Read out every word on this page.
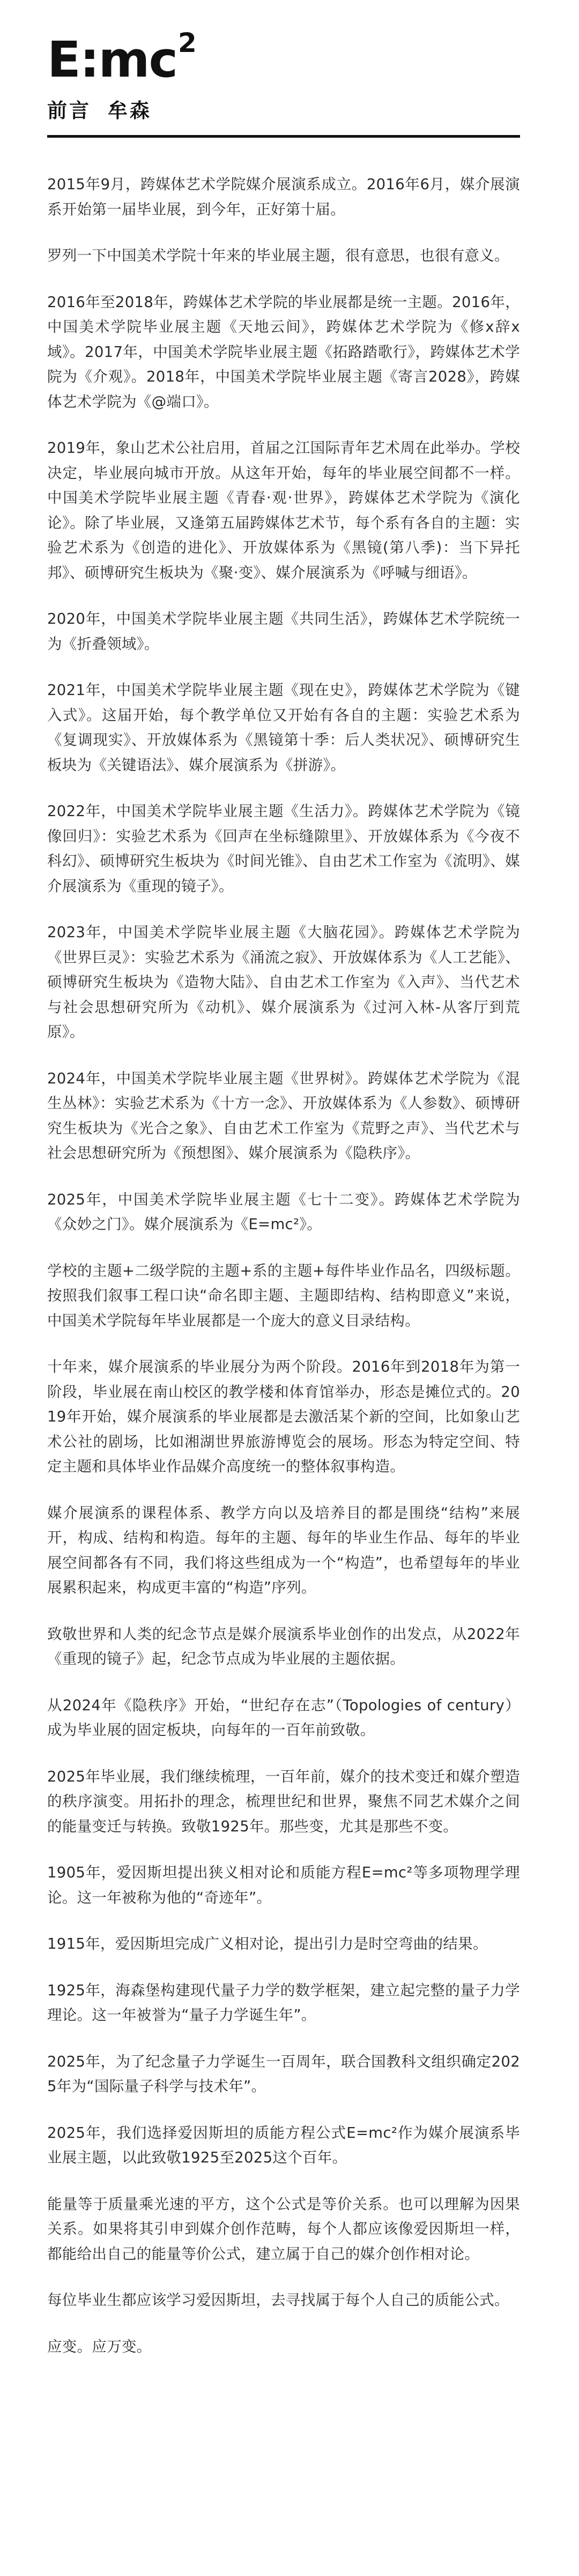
E:mc2
前言 牟森

2015年9月，跨媒体艺术学院媒介展演系成立。2016年6月，媒介展演系开始第一届毕业展，到今年，正好第十届。

罗列一下中国美术学院十年来的毕业展主题，很有意思，也很有意义。

2016年至2018年，跨媒体艺术学院的毕业展都是统一主题。2016年，中国美术学院毕业展主题《天地云间》，跨媒体艺术学院为《修x辞x域》。2017年，中国美术学院毕业展主题《拓路踏歌行》，跨媒体艺术学院为《介观》。2018年，中国美术学院毕业展主题《寄言2028》，跨媒体艺术学院为《@端口》。

2019年，象山艺术公社启用，首届之江国际青年艺术周在此举办。学校决定，毕业展向城市开放。从这年开始，每年的毕业展空间都不一样。中国美术学院毕业展主题《青春·观·世界》，跨媒体艺术学院为《演化论》。除了毕业展，又逢第五届跨媒体艺术节，每个系有各自的主题：实验艺术系为《创造的进化》、开放媒体系为《黑镜(第八季)：当下异托邦》、硕博研究生板块为《聚·变》、媒介展演系为《呼喊与细语》。

2020年，中国美术学院毕业展主题《共同生活》，跨媒体艺术学院统一为《折叠领域》。

2021年，中国美术学院毕业展主题《现在史》，跨媒体艺术学院为《键入式》。这届开始，每个教学单位又开始有各自的主题：实验艺术系为《复调现实》、开放媒体系为《黑镜第十季：后人类状况》、硕博研究生板块为《关键语法》、媒介展演系为《拼游》。

2022年，中国美术学院毕业展主题《生活力》。跨媒体艺术学院为《镜像回归》：实验艺术系为《回声在坐标缝隙里》、开放媒体系为《今夜不科幻》、硕博研究生板块为《时间光锥》、自由艺术工作室为《流明》、媒介展演系为《重现的镜子》。

2023年，中国美术学院毕业展主题《大脑花园》。跨媒体艺术学院为《世界巨灵》：实验艺术系为《涌流之寂》、开放媒体系为《人工艺能》、硕博研究生板块为《造物大陆》、自由艺术工作室为《入声》、当代艺术与社会思想研究所为《动机》、媒介展演系为《过河入林-从客厅到荒原》。

2024年，中国美术学院毕业展主题《世界树》。跨媒体艺术学院为《混生丛林》：实验艺术系为《十方一念》、开放媒体系为《人参数》、硕博研究生板块为《光合之象》、自由艺术工作室为《荒野之声》、当代艺术与社会思想研究所为《预想图》、媒介展演系为《隐秩序》。

2025年，中国美术学院毕业展主题《七十二变》。跨媒体艺术学院为《众妙之门》。媒介展演系为《E=mc²》。

学校的主题+二级学院的主题+系的主题+每件毕业作品名，四级标题。按照我们叙事工程口诀“命名即主题、主题即结构、结构即意义”来说，中国美术学院每年毕业展都是一个庞大的意义目录结构。

十年来，媒介展演系的毕业展分为两个阶段。2016年到2018年为第一阶段，毕业展在南山校区的教学楼和体育馆举办，形态是摊位式的。2019年开始，媒介展演系的毕业展都是去激活某个新的空间，比如象山艺术公社的剧场，比如湘湖世界旅游博览会的展场。形态为特定空间、特定主题和具体毕业作品媒介高度统一的整体叙事构造。

媒介展演系的课程体系、教学方向以及培养目的都是围绕“结构”来展开，构成、结构和构造。每年的主题、每年的毕业生作品、每年的毕业展空间都各有不同，我们将这些组成为一个“构造”，也希望每年的毕业展累积起来，构成更丰富的“构造”序列。

致敬世界和人类的纪念节点是媒介展演系毕业创作的出发点，从2022年《重现的镜子》起，纪念节点成为毕业展的主题依据。

从2024年《隐秩序》开始，“世纪存在志”（Topologies of century）成为毕业展的固定板块，向每年的一百年前致敬。

2025年毕业展，我们继续梳理，一百年前，媒介的技术变迁和媒介塑造的秩序演变。用拓扑的理念，梳理世纪和世界，聚焦不同艺术媒介之间的能量变迁与转换。致敬1925年。那些变，尤其是那些不变。

1905年，爱因斯坦提出狭义相对论和质能方程E=mc²等多项物理学理论。这一年被称为他的“奇迹年”。

1915年，爱因斯坦完成广义相对论，提出引力是时空弯曲的结果。

1925年，海森堡构建现代量子力学的数学框架，建立起完整的量子力学理论。这一年被誉为“量子力学诞生年”。

2025年，为了纪念量子力学诞生一百周年，联合国教科文组织确定2025年为“国际量子科学与技术年”。

2025年，我们选择爱因斯坦的质能方程公式E=mc²作为媒介展演系毕业展主题，以此致敬1925至2025这个百年。

能量等于质量乘光速的平方，这个公式是等价关系。也可以理解为因果关系。如果将其引申到媒介创作范畴，每个人都应该像爱因斯坦一样，都能给出自己的能量等价公式，建立属于自己的媒介创作相对论。

每位毕业生都应该学习爱因斯坦，去寻找属于每个人自己的质能公式。

应变。应万变。
